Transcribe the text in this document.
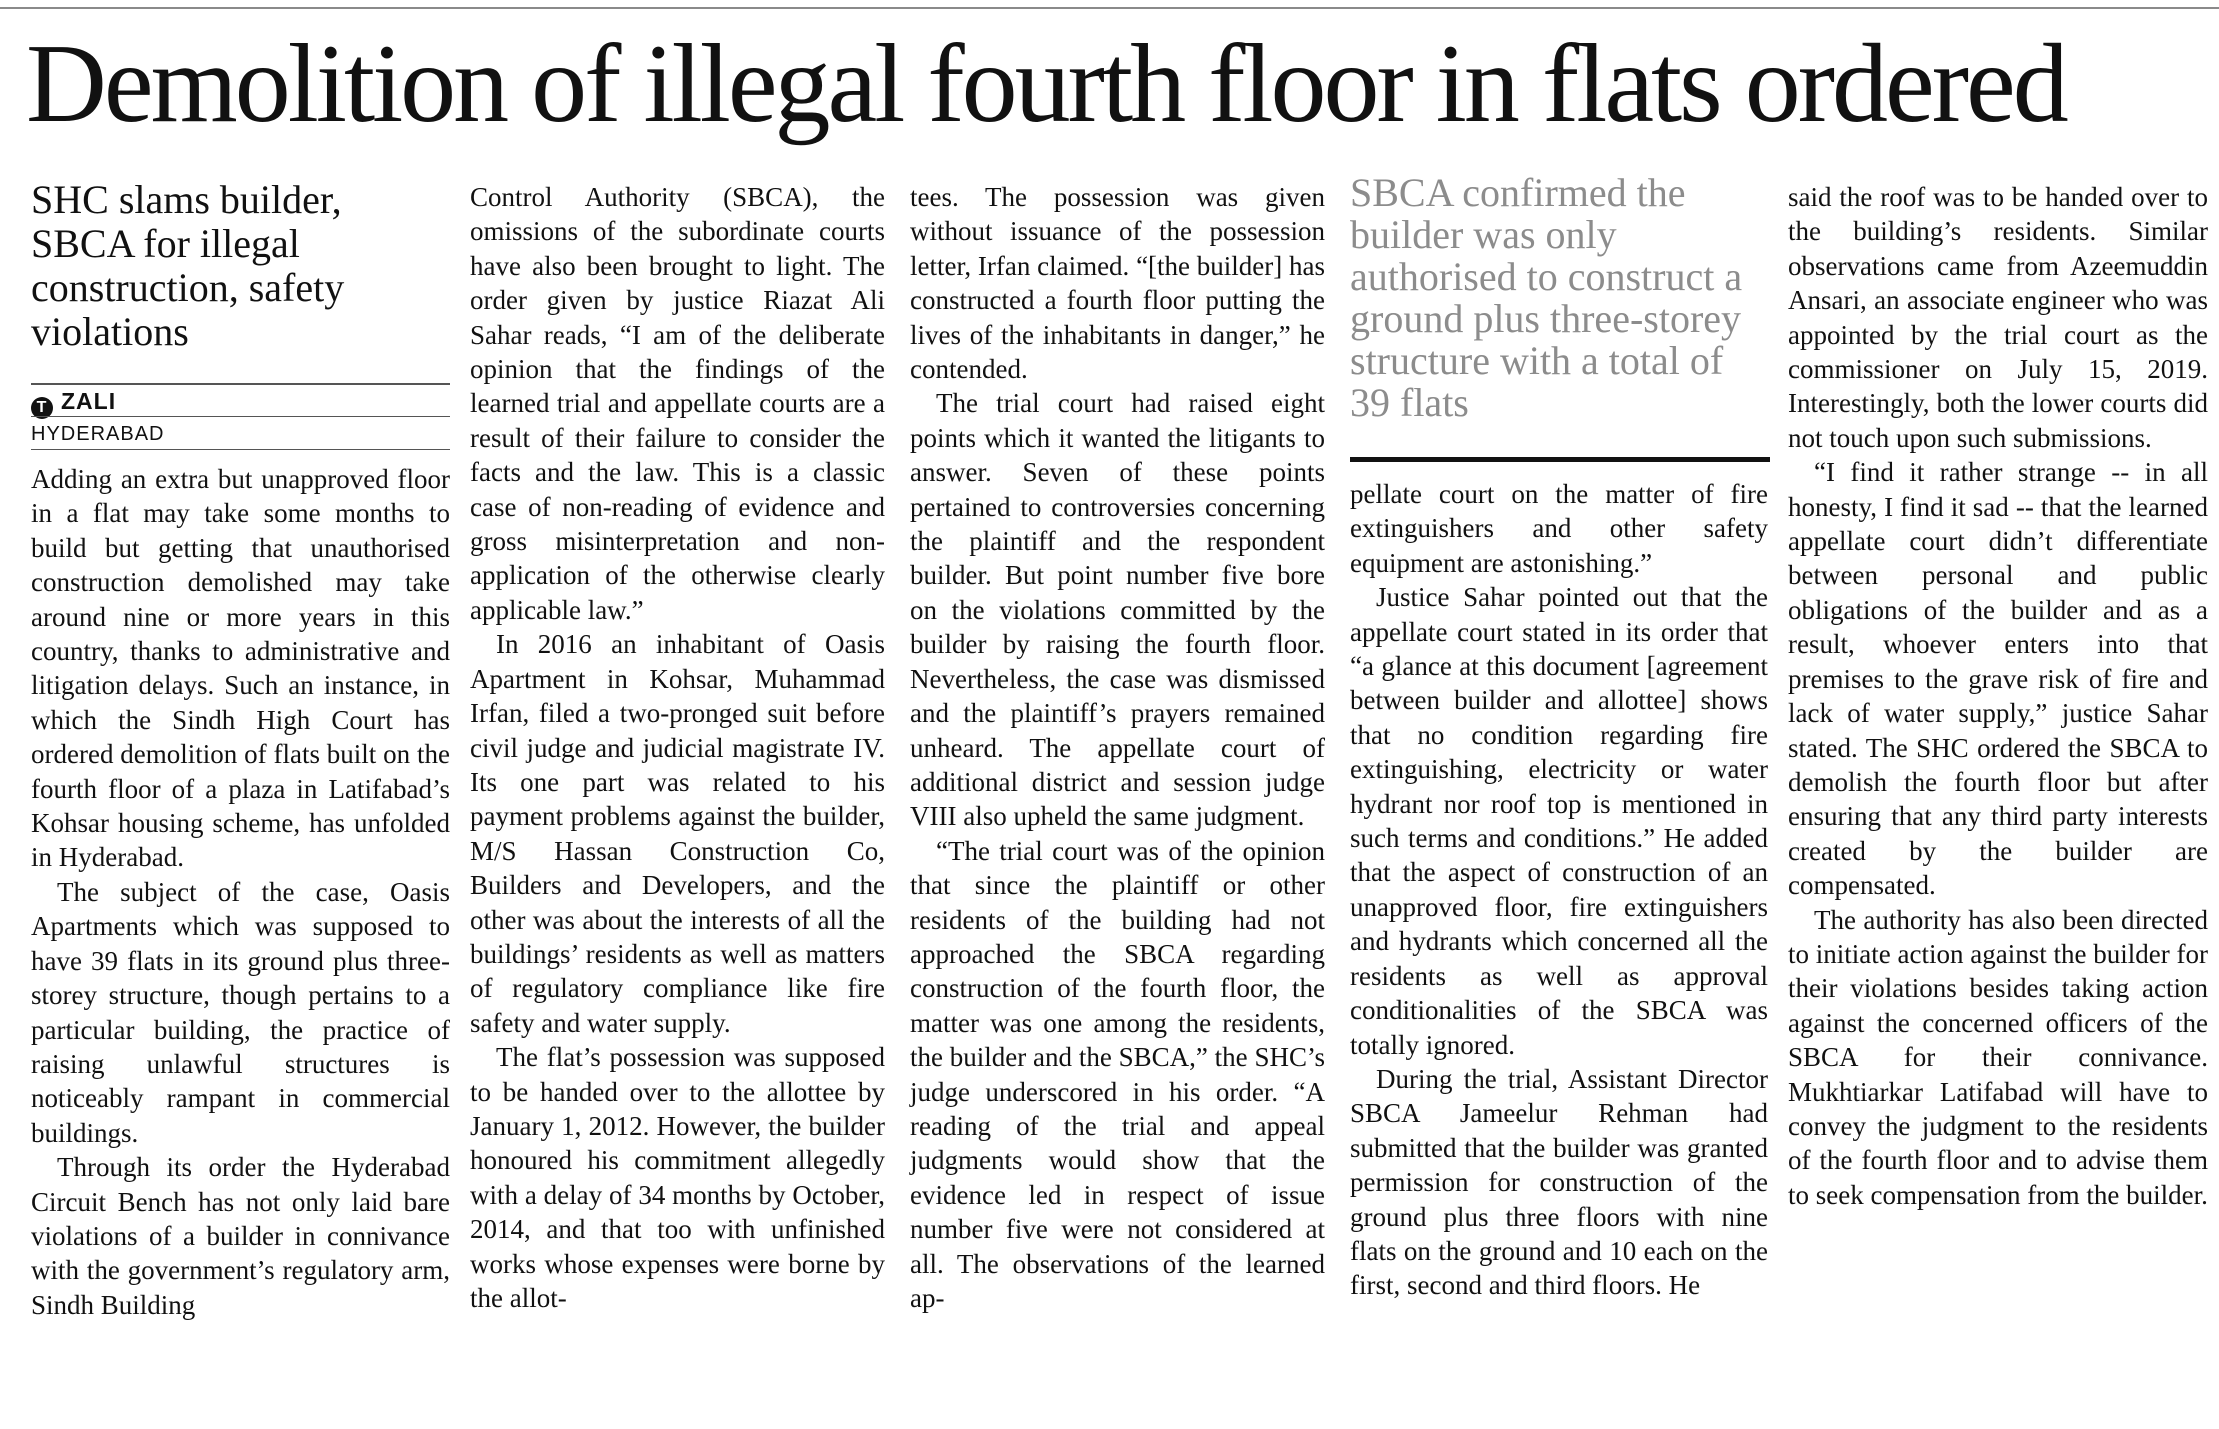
Demolition of illegal fourth floor in flats ordered
SHC slams builder, SBCA for illegal construction, safety violations
T ZALI
HYDERABAD

Adding an extra but unapproved floor in a flat may take some months to build but getting that unauthorised construction demolished may take around nine or more years in this country, thanks to administrative and litigation delays. Such an instance, in which the Sindh High Court has ordered demolition of flats built on the fourth floor of a plaza in Latifabad’s Kohsar housing scheme, has unfolded in Hyderabad.

The subject of the case, Oasis Apartments which was supposed to have 39 flats in its ground plus three-storey structure, though pertains to a particular building, the practice of raising unlawful structures is noticeably rampant in commercial buildings.

Through its order the Hyderabad Circuit Bench has not only laid bare violations of a builder in connivance with the government’s regulatory arm, Sindh Building

Control Authority (SBCA), the omissions of the subordinate courts have also been brought to light. The order given by justice Riazat Ali Sahar reads, “I am of the deliberate opinion that the findings of the learned trial and appellate courts are a result of their failure to consider the facts and the law. This is a classic case of non-reading of evidence and gross misinterpretation and non-application of the otherwise clearly applicable law.”

In 2016 an inhabitant of Oasis Apartment in Kohsar, Muhammad Irfan, filed a two-pronged suit before civil judge and judicial magistrate IV. Its one part was related to his payment problems against the builder, M/S Hassan Construction Co, Builders and Developers, and the other was about the interests of all the buildings’ residents as well as matters of regulatory compliance like fire safety and water supply.

The flat’s possession was supposed to be handed over to the allottee by January 1, 2012. However, the builder honoured his commitment allegedly with a delay of 34 months by October, 2014, and that too with unfinished works whose expenses were borne by the allot-

tees. The possession was given without issuance of the possession letter, Irfan claimed. “[the builder] has constructed a fourth floor putting the lives of the inhabitants in danger,” he contended.

The trial court had raised eight points which it wanted the litigants to answer. Seven of these points pertained to controversies concerning the plaintiff and the respondent builder. But point number five bore on the violations committed by the builder by raising the fourth floor. Nevertheless, the case was dismissed and the plaintiff’s prayers remained unheard. The appellate court of additional district and session judge VIII also upheld the same judgment.

“The trial court was of the opinion that since the plaintiff or other residents of the building had not approached the SBCA regarding construction of the fourth floor, the matter was one among the residents, the builder and the SBCA,” the SHC’s judge underscored in his order. “A reading of the trial and appeal judgments would show that the evidence led in respect of issue number five were not considered at all. The observations of the learned ap-

SBCA confirmed the builder was only authorised to construct a ground plus three-storey structure with a total of 39 flats

pellate court on the matter of fire extinguishers and other safety equipment are astonishing.”

Justice Sahar pointed out that the appellate court stated in its order that “a glance at this document [agreement between builder and allottee] shows that no condition regarding fire extinguishing, electricity or water hydrant nor roof top is mentioned in such terms and conditions.” He added that the aspect of construction of an unapproved floor, fire extinguishers and hydrants which concerned all the residents as well as approval conditionalities of the SBCA was totally ignored.

During the trial, Assistant Director SBCA Jameelur Rehman had submitted that the builder was granted permission for construction of the ground plus three floors with nine flats on the ground and 10 each on the first, second and third floors. He

said the roof was to be handed over to the building’s residents. Similar observations came from Azeemuddin Ansari, an associate engineer who was appointed by the trial court as the commissioner on July 15, 2019. Interestingly, both the lower courts did not touch upon such submissions.

“I find it rather strange -- in all honesty, I find it sad -- that the learned appellate court didn’t differentiate between personal and public obligations of the builder and as a result, whoever enters into that premises to the grave risk of fire and lack of water supply,” justice Sahar stated. The SHC ordered the SBCA to demolish the fourth floor but after ensuring that any third party interests created by the builder are compensated.

The authority has also been directed to initiate action against the builder for their violations besides taking action against the concerned officers of the SBCA for their connivance. Mukhtiarkar Latifabad will have to convey the judgment to the residents of the fourth floor and to advise them to seek compensation from the builder.
